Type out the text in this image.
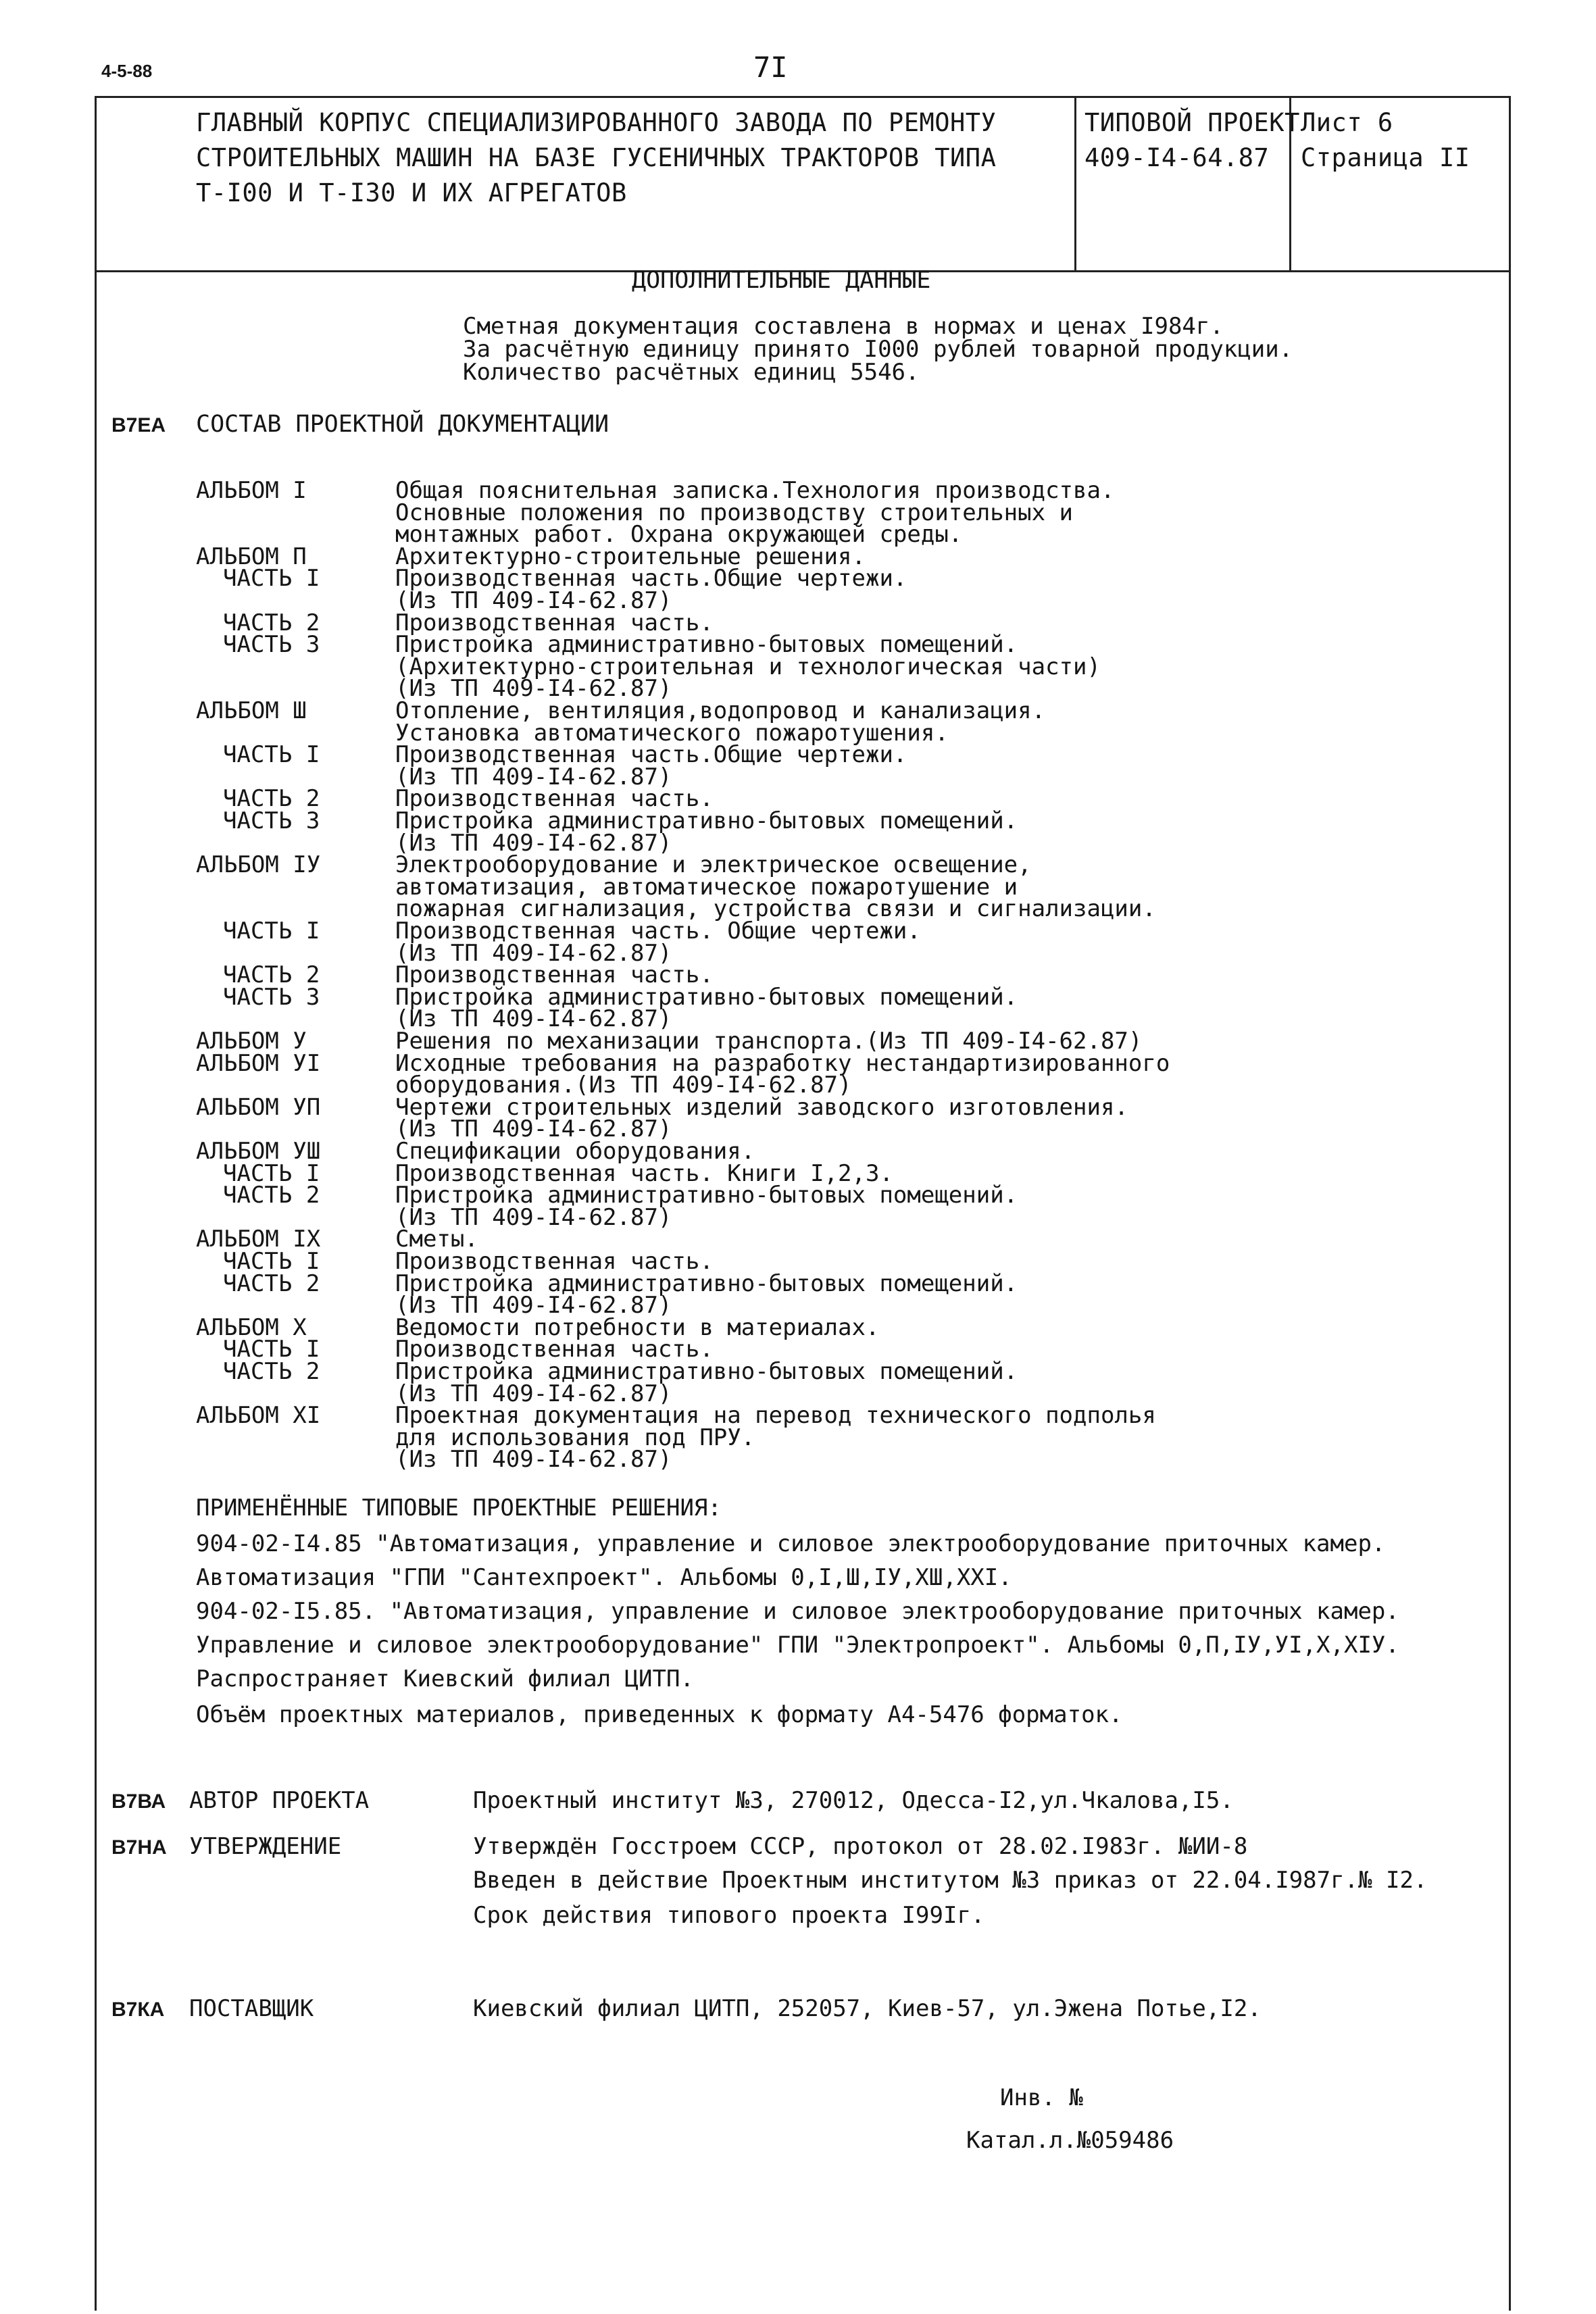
4-5-88	7I
ГЛАВНЫЙ КОРПУС СПЕЦИАЛИЗИРОВАННОГО ЗАВОДА ПО РЕМОНТУ
СТРОИТЕЛЬНЫХ МАШИН НА БАЗЕ ГУСЕНИЧНЫХ ТРАКТОРОВ ТИПА
Т-I00 И Т-I30 И ИХ АГРЕГАТОВ
ТИПОВОЙ ПРОЕКТ
409-I4-64.87
Лист 6
Страница II
ДОПОЛНИТЕЛЬНЫЕ ДАННЫЕ
Сметная документация составлена в нормах и ценах I984г.
За расчётную единицу принято I000 рублей товарной продукции.
Количество расчётных единиц 5546.
В7ЕА СОСТАВ ПРОЕКТНОЙ ДОКУМЕНТАЦИИ
АЛЬБОМ I	Общая пояснительная записка.Технология производства.
Основные положения по производству строительных и
монтажных работ. Охрана окружающей среды.
АЛЬБОМ П	Архитектурно-строительные решения.
ЧАСТЬ I	Производственная часть.Общие чертежи.
(Из ТП 409-I4-62.87)
ЧАСТЬ 2	Производственная часть.
ЧАСТЬ 3	Пристройка административно-бытовых помещений.
(Архитектурно-строительная и технологическая части)
(Из ТП 409-I4-62.87)
АЛЬБОМ Ш	Отопление, вентиляция,водопровод и канализация.
Установка автоматического пожаротушения.
ЧАСТЬ I	Производственная часть.Общие чертежи.
(Из ТП 409-I4-62.87)
ЧАСТЬ 2	Производственная часть.
ЧАСТЬ 3	Пристройка административно-бытовых помещений.
(Из ТП 409-I4-62.87)
АЛЬБОМ IУ	Электрооборудование и электрическое освещение,
автоматизация, автоматическое пожаротушение и
пожарная сигнализация, устройства связи и сигнализации.
ЧАСТЬ I	Производственная часть. Общие чертежи.
(Из ТП 409-I4-62.87)
ЧАСТЬ 2	Производственная часть.
ЧАСТЬ 3	Пристройка административно-бытовых помещений.
(Из ТП 409-I4-62.87)
АЛЬБОМ У	Решения по механизации транспорта.(Из ТП 409-I4-62.87)
АЛЬБОМ УI	Исходные требования на разработку нестандартизированного
оборудования.(Из ТП 409-I4-62.87)
АЛЬБОМ УП	Чертежи строительных изделий заводского изготовления.
(Из ТП 409-I4-62.87)
АЛЬБОМ УШ	Спецификации оборудования.
ЧАСТЬ I	Производственная часть. Книги I,2,3.
ЧАСТЬ 2	Пристройка административно-бытовых помещений.
(Из ТП 409-I4-62.87)
АЛЬБОМ IX	Сметы.
ЧАСТЬ I	Производственная часть.
ЧАСТЬ 2	Пристройка административно-бытовых помещений.
(Из ТП 409-I4-62.87)
АЛЬБОМ X	Ведомости потребности в материалах.
ЧАСТЬ I	Производственная часть.
ЧАСТЬ 2	Пристройка административно-бытовых помещений.
(Из ТП 409-I4-62.87)
АЛЬБОМ XI	Проектная документация на перевод технического подполья
для использования под ПРУ.
(Из ТП 409-I4-62.87)
ПРИМЕНЁННЫЕ ТИПОВЫЕ ПРОЕКТНЫЕ РЕШЕНИЯ:
904-02-I4.85 "Автоматизация, управление и силовое электрооборудование приточных камер.
Автоматизация "ГПИ "Сантехпроект". Альбомы 0,I,Ш,IУ,ХШ,ХХI.
904-02-I5.85. "Автоматизация, управление и силовое электрооборудование приточных камер.
Управление и силовое электрооборудование" ГПИ "Электропроект". Альбомы 0,П,IУ,УI,Х,ХIУ.
Распространяет Киевский филиал ЦИТП.
Объём проектных материалов, приведенных к формату А4-5476 форматок.
В7ВА АВТОР ПРОЕКТА	Проектный институт №3, 270012, Одесса-I2,ул.Чкалова,I5.
В7НА УТВЕРЖДЕНИЕ	Утверждён Госстроем СССР, протокол от 28.02.I983г. №ИИ-8
Введен в действие Проектным институтом №3 приказ от 22.04.I987г.№ I2.
Срок действия типового проекта I99Iг.
В7КА ПОСТАВЩИК	Киевский филиал ЦИТП, 252057, Киев-57, ул.Эжена Потье,I2.
Инв. №
Катал.л.№059486
